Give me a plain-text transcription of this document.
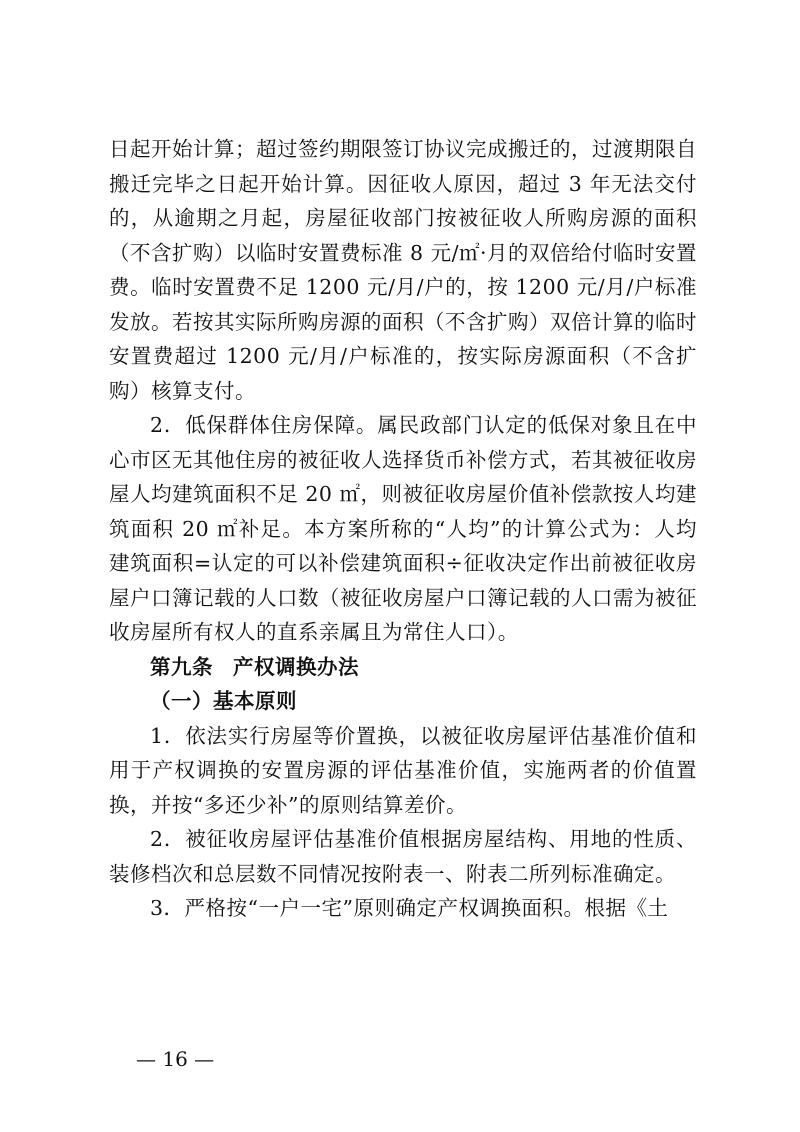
日起开始计算；超过签约期限签订协议完成搬迁的，过渡期限自搬迁完毕之日起开始计算。因征收人原因，超过 3 年无法交付的，从逾期之月起，房屋征收部门按被征收人所购房源的面积（不含扩购）以临时安置费标准 8 元/㎡·月的双倍给付临时安置费。临时安置费不足 1200 元/月/户的，按 1200 元/月/户标准发放。若按其实际所购房源的面积（不含扩购）双倍计算的临时安置费超过 1200 元/月/户标准的，按实际房源面积（不含扩购）核算支付。

2．低保群体住房保障。属民政部门认定的低保对象且在中心市区无其他住房的被征收人选择货币补偿方式，若其被征收房屋人均建筑面积不足 20 ㎡，则被征收房屋价值补偿款按人均建筑面积 20 ㎡补足。本方案所称的“人均”的计算公式为：人均建筑面积=认定的可以补偿建筑面积÷征收决定作出前被征收房屋户口簿记载的人口数（被征收房屋户口簿记载的人口需为被征收房屋所有权人的直系亲属且为常住人口）。

第九条 产权调换办法

（一）基本原则

1．依法实行房屋等价置换，以被征收房屋评估基准价值和用于产权调换的安置房源的评估基准价值，实施两者的价值置换，并按“多还少补”的原则结算差价。

2．被征收房屋评估基准价值根据房屋结构、用地的性质、装修档次和总层数不同情况按附表一、附表二所列标准确定。

3．严格按“一户一宅”原则确定产权调换面积。根据《土

— 16 —
